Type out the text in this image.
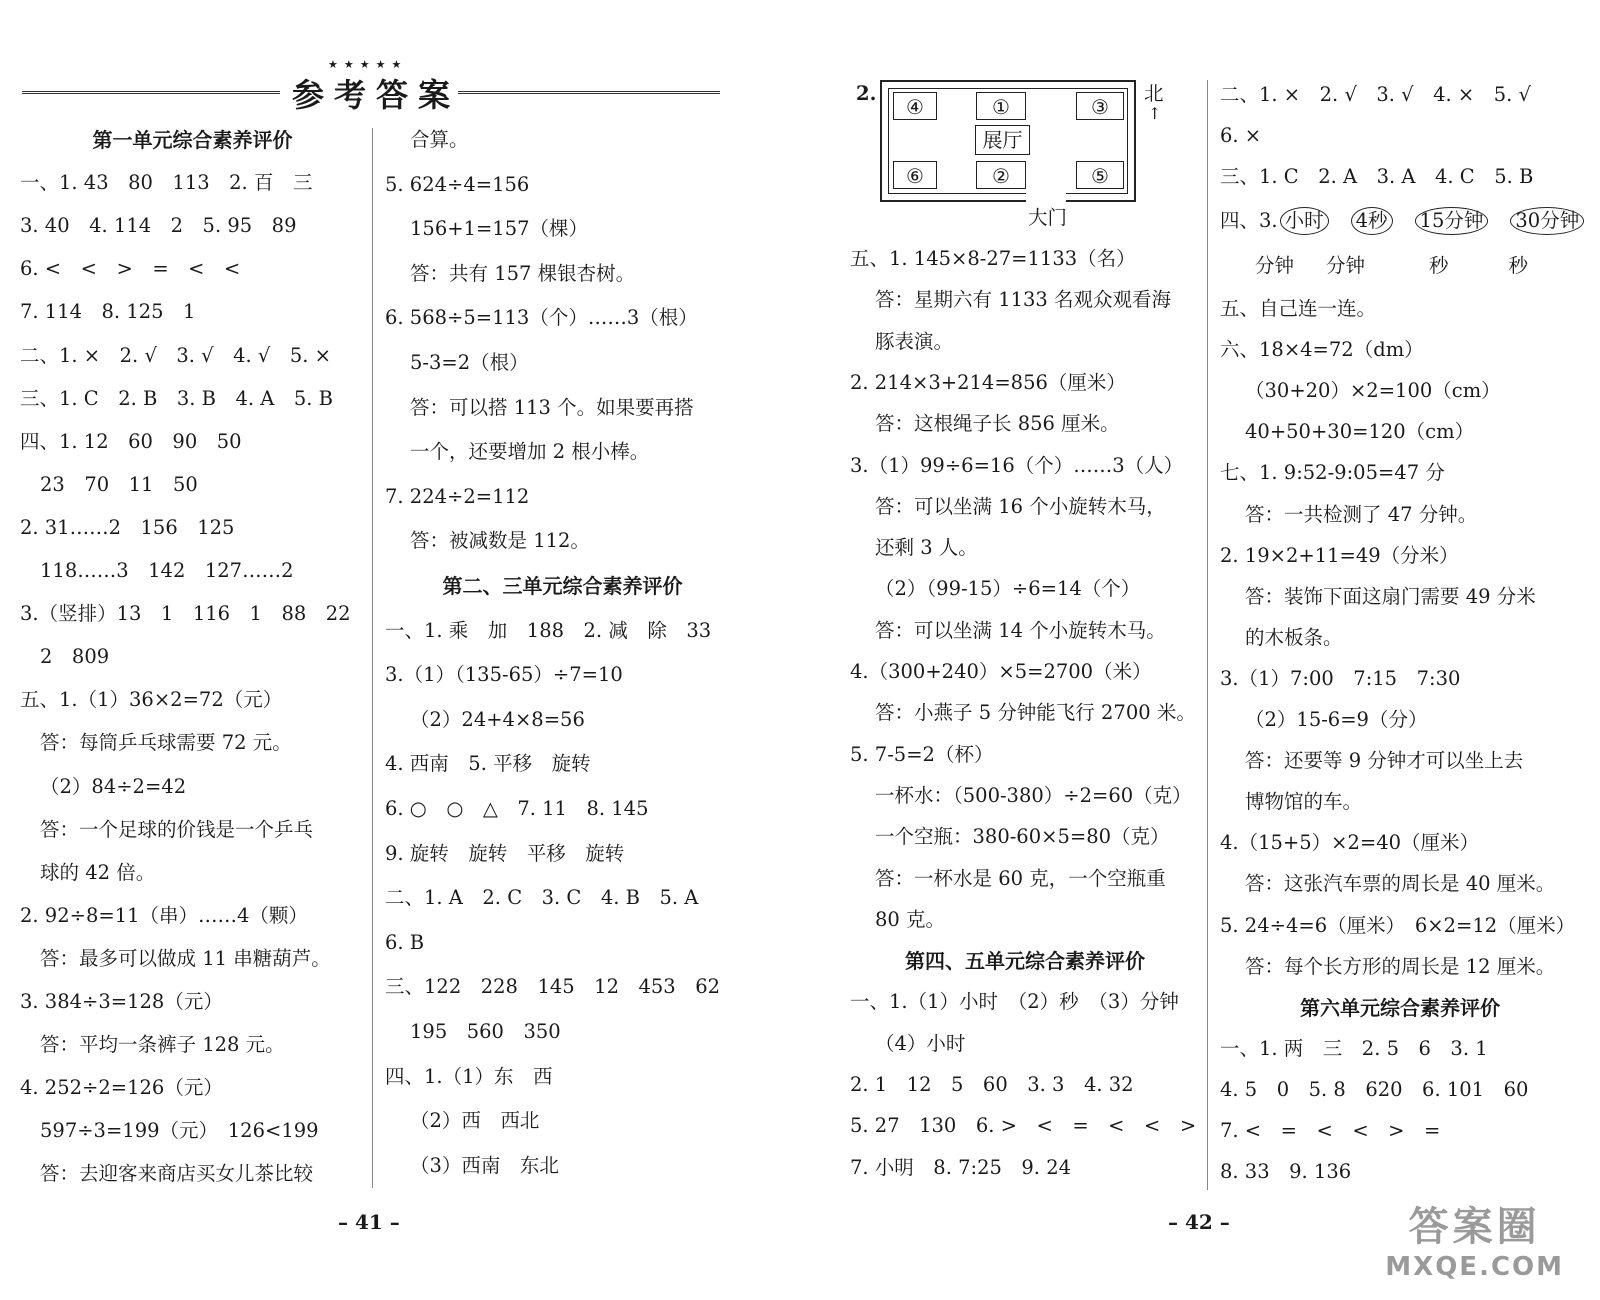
★★★★★
参考答案
第一单元综合素养评价
一、1. 43　80　113　2. 百　三
3. 40　4. 114　2　5. 95　89
6. <　<　>　=　<　<
7. 114　8. 125　1
二、1. ×　2. √　3. √　4. √　5. ×
三、1. C　2. B　3. B　4. A　5. B
四、1. 12　60　90　50
23　70　11　50
2. 31……2　156　125
118……3　142　127……2
3.（竖排）13　1　116　1　88　22
2　809
五、1.（1）36×2=72（元）
答：每筒乒乓球需要 72 元。
（2）84÷2=42
答：一个足球的价钱是一个乒乓
球的 42 倍。
2. 92÷8=11（串）……4（颗）
答：最多可以做成 11 串糖葫芦。
3. 384÷3=128（元）
答：平均一条裤子 128 元。
4. 252÷2=126（元）
597÷3=199（元）　126<199
答：去迎客来商店买女儿茶比较
合算。
5. 624÷4=156
156+1=157（棵）
答：共有 157 棵银杏树。
6. 568÷5=113（个）……3（根）
5-3=2（根）
答：可以搭 113 个。如果要再搭
一个，还要增加 2 根小棒。
7. 224÷2=112
答：被减数是 112。
第二、三单元综合素养评价
一、1. 乘　加　188　2. 减　除　33
3.（1）（135-65）÷7=10
（2）24+4×8=56
4. 西南　5. 平移　旋转
6. ○　○　△　7. 11　8. 145
9. 旋转　旋转　平移　旋转
二、1. A　2. C　3. C　4. B　5. A
6. B
三、122　228　145　12　453　62
195　560　350
四、1.（1）东　西
（2）西　西北
（3）西南　东北
五、1. 145×8-27=1133（名）
答：星期六有 1133 名观众观看海
豚表演。
2. 214×3+214=856（厘米）
答：这根绳子长 856 厘米。
3.（1）99÷6=16（个）……3（人）
答：可以坐满 16 个小旋转木马，
还剩 3 人。
（2）（99-15）÷6=14（个）
答：可以坐满 14 个小旋转木马。
4.（300+240）×5=2700（米）
答：小燕子 5 分钟能飞行 2700 米。
5. 7-5=2（杯）
一杯水：（500-380）÷2=60（克）
一个空瓶：380-60×5=80（克）
答：一杯水是 60 克，一个空瓶重
80 克。
第四、五单元综合素养评价
一、1.（1）小时　（2）秒　（3）分钟
（4）小时
2. 1　12　5　60　3. 3　4. 32
5. 27　130　6. >　<　=　<　<　>
7. 小明　8. 7:25　9. 24
二、1. ×　2. √　3. √　4. ×　5. √
6. ×
三、1. C　2. A　3. A　4. C　5. B
五、自己连一连。
六、18×4=72（dm）
（30+20）×2=100（cm）
40+50+30=120（cm）
七、1. 9:52-9:05=47 分
答：一共检测了 47 分钟。
2. 19×2+11=49（分米）
答：装饰下面这扇门需要 49 分米
的木板条。
3.（1）7:00　7:15　7:30
（2）15-6=9（分）
答：还要等 9 分钟才可以坐上去
博物馆的车。
4.（15+5）×2=40（厘米）
答：这张汽车票的周长是 40 厘米。
5. 24÷4=6（厘米）　6×2=12（厘米）
答：每个长方形的周长是 12 厘米。
第六单元综合素养评价
一、1. 两　三　2. 5　6　3. 1
4. 5　0　5. 8　620　6. 101　60
7. <　=　<　<　>　=
8. 33　9. 136
四、3. 小时 4秒 15分钟 30分钟
分钟 分钟	秒	秒
2.
④	①	③
展厅
⑥	②	⑤
北
↑
大门
– 41 –	– 42 –	答案圈
MXQE.COM
